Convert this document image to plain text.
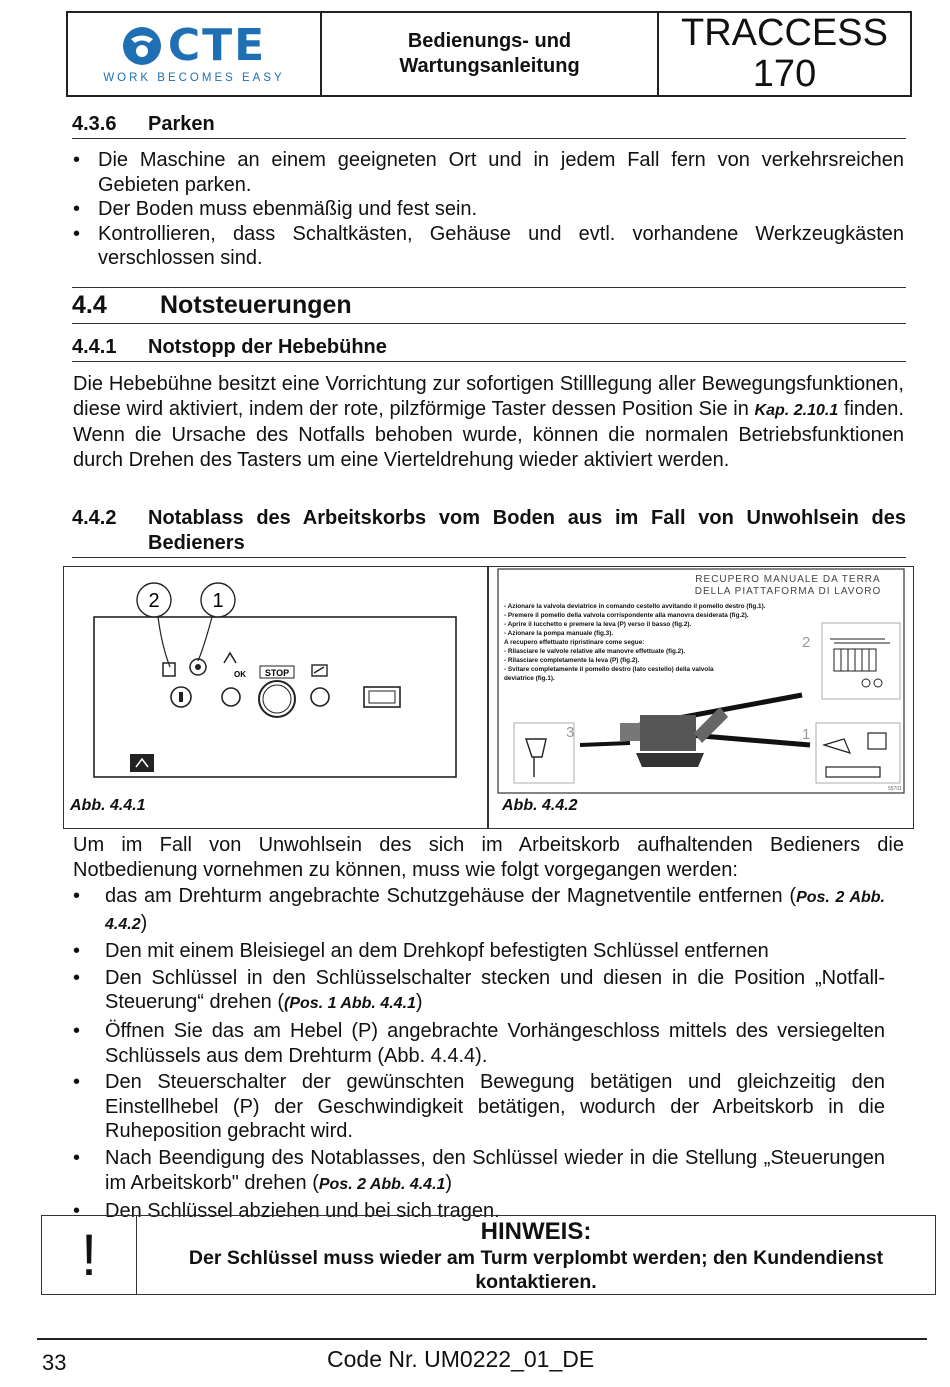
CTE
WORK BECOMES EASY
Bedienungs- und
Wartungsanleitung
TRACCESS
170
4.3.6 Parken
• Die Maschine an einem geeigneten Ort und in jedem Fall fern von verkehrsreichen Gebieten parken.
• Der Boden muss ebenmäßig und fest sein.
• Kontrollieren, dass Schaltkästen, Gehäuse und evtl. vorhandene Werkzeugkästen verschlossen sind.
4.4 Notsteuerungen
4.4.1 Notstopp der Hebebühne
Die Hebebühne besitzt eine Vorrichtung zur sofortigen Stilllegung aller Bewegungsfunktionen, diese wird aktiviert, indem der rote, pilzförmige Taster dessen Position Sie in Kap. 2.10.1 finden. Wenn die Ursache des Notfalls behoben wurde, können die normalen Betriebsfunktionen durch Drehen des Tasters um eine Vierteldrehung wieder aktiviert werden.
4.4.2	Notablass des Arbeitskorbs vom Boden aus im Fall von Unwohlsein des
Bedieners
2	1
OK STOP
Abb. 4.4.1
RECUPERO MANUALE DA TERRA
DELLA PIATTAFORMA DI LAVORO
- Azionare la valvola deviatrice in comando cestello avvitando il pomello destro (fig.1).
- Premere il pomello della valvola corrispondente alla manovra desiderata (fig.2).
- Aprire il lucchetto e premere la leva (P) verso il basso (fig.2).
- Azionare la pompa manuale (fig.3).
A recupero effettuato ripristinare come segue:
- Rilasciare le valvole relative alle manovre effettuate (fig.2).
- Rilasciare completamente la leva (P) (fig.2).
- Svitare completamente il pomello destro (lato cestello) della valvola
deviatrice (fig.1).
2
3	1
55701
Abb. 4.4.2
Um im Fall von Unwohlsein des sich im Arbeitskorb aufhaltenden Bedieners die Notbedienung vornehmen zu können, muss wie folgt vorgegangen werden:
• das am Drehturm angebrachte Schutzgehäuse der Magnetventile entfernen (Pos. 2 Abb. 4.4.2)
• Den mit einem Bleisiegel an dem Drehkopf befestigten Schlüssel entfernen
• Den Schlüssel in den Schlüsselschalter stecken und diesen in die Position „Notfall-Steuerung“ drehen ((Pos. 1 Abb. 4.4.1)
• Öffnen Sie das am Hebel (P) angebrachte Vorhängeschloss mittels des versiegelten Schlüssels aus dem Drehturm (Abb. 4.4.4).
• Den Steuerschalter der gewünschten Bewegung betätigen und gleichzeitig den Einstellhebel (P) der Geschwindigkeit betätigen, wodurch der Arbeitskorb in die Ruheposition gebracht wird.
• Nach Beendigung des Notablasses, den Schlüssel wieder in die Stellung „Steuerungen im Arbeitskorb" drehen (Pos. 2 Abb. 4.4.1)
• Den Schlüssel abziehen und bei sich tragen.
!	HINWEIS:
Der Schlüssel muss wieder am Turm verplombt werden; den Kundendienst kontaktieren.
33	Code Nr. UM0222_01_DE
